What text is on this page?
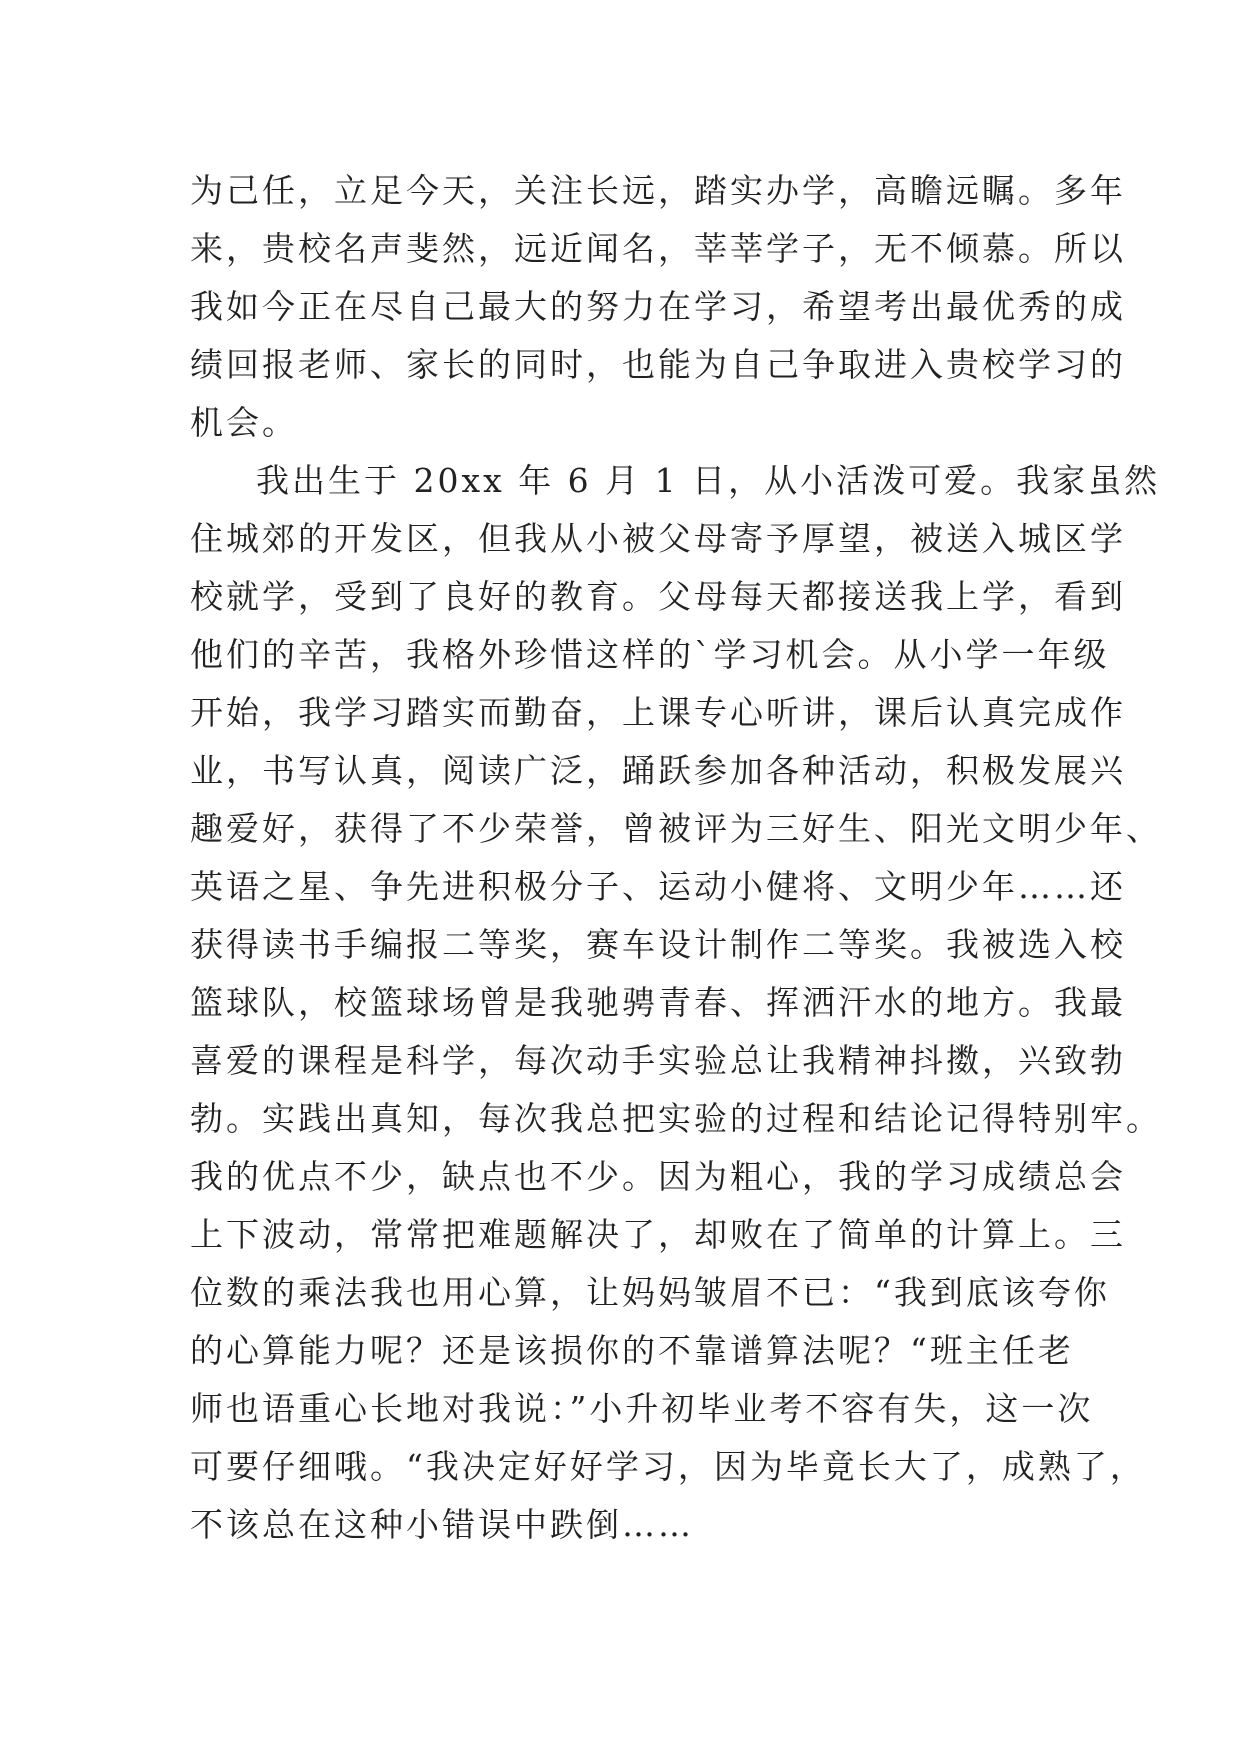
为己任，立足今天，关注长远，踏实办学，高瞻远瞩。多年
来，贵校名声斐然，远近闻名，莘莘学子，无不倾慕。所以
我如今正在尽自己最大的努力在学习，希望考出最优秀的成
绩回报老师、家长的同时，也能为自己争取进入贵校学习的
机会。
我出生于 20xx 年 6 月 1 日，从小活泼可爱。我家虽然
住城郊的开发区，但我从小被父母寄予厚望，被送入城区学
校就学，受到了良好的教育。父母每天都接送我上学，看到
他们的辛苦，我格外珍惜这样的`学习机会。从小学一年级
开始，我学习踏实而勤奋，上课专心听讲，课后认真完成作
业，书写认真，阅读广泛，踊跃参加各种活动，积极发展兴
趣爱好，获得了不少荣誉，曾被评为三好生、阳光文明少年、
英语之星、争先进积极分子、运动小健将、文明少年……还
获得读书手编报二等奖，赛车设计制作二等奖。我被选入校
篮球队，校篮球场曾是我驰骋青春、挥洒汗水的地方。我最
喜爱的课程是科学，每次动手实验总让我精神抖擞，兴致勃
勃。实践出真知，每次我总把实验的过程和结论记得特别牢。
我的优点不少，缺点也不少。因为粗心，我的学习成绩总会
上下波动，常常把难题解决了，却败在了简单的计算上。三
位数的乘法我也用心算，让妈妈皱眉不已：“我到底该夸你
的心算能力呢？还是该损你的不靠谱算法呢？“班主任老
师也语重心长地对我说：”小升初毕业考不容有失，这一次
可要仔细哦。“我决定好好学习，因为毕竟长大了，成熟了，
不该总在这种小错误中跌倒……
